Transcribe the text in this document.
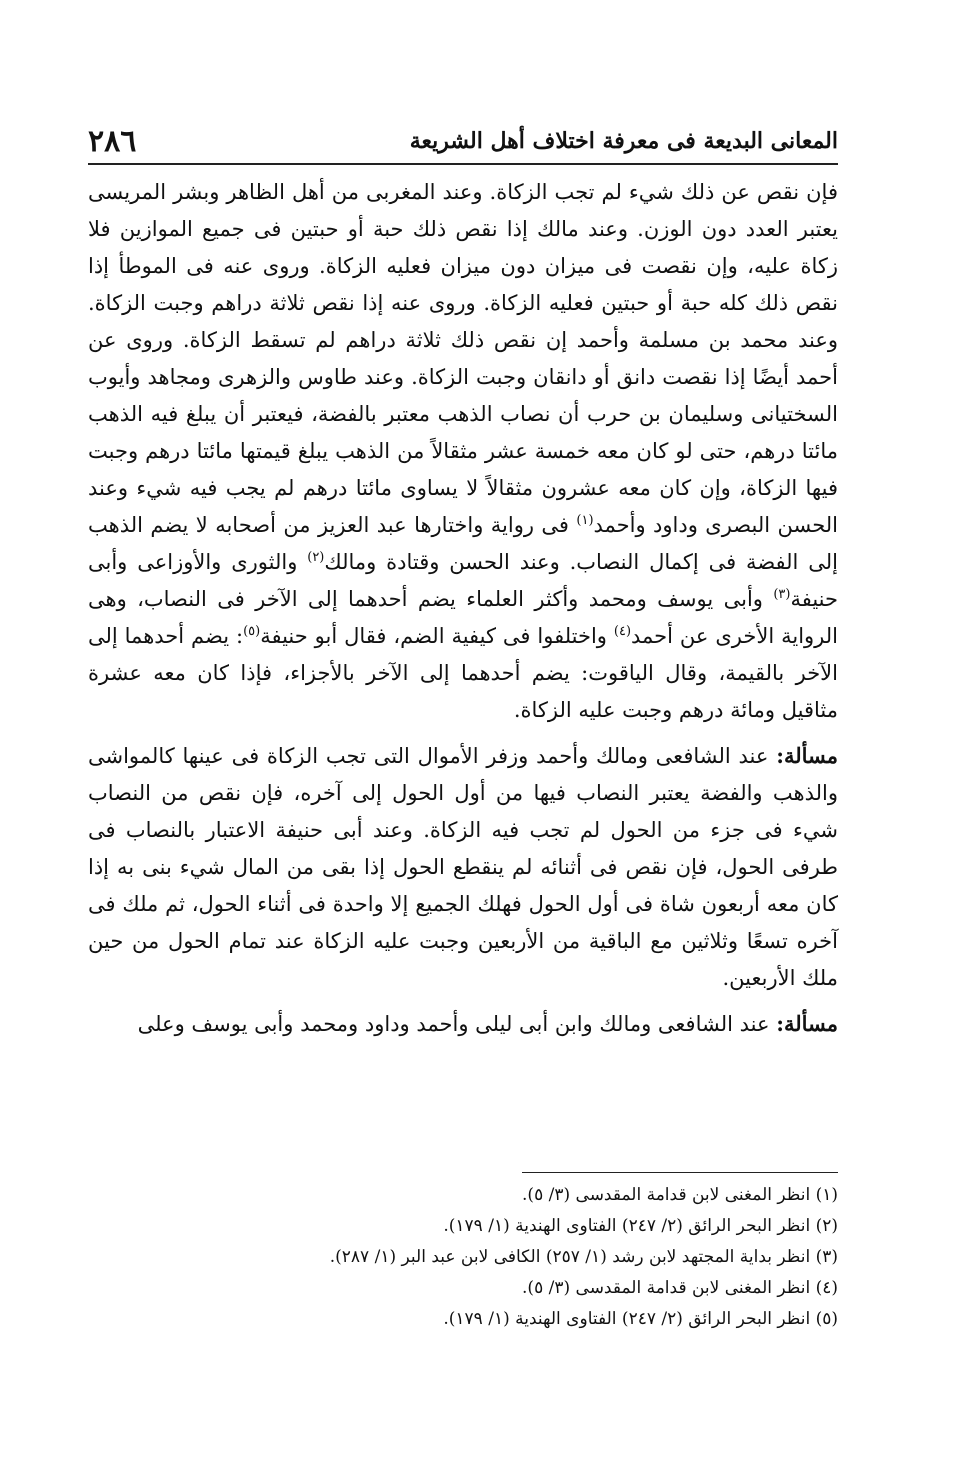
المعانى البديعة فى معرفة اختلاف أهل الشريعة
٢٨٦

فإن نقص عن ذلك شيء لم تجب الزكاة. وعند المغربى من أهل الظاهر وبشر المريسى يعتبر العدد دون الوزن. وعند مالك إذا نقص ذلك حبة أو حبتين فى جميع الموازين فلا زكاة عليه، وإن نقصت فى ميزان دون ميزان فعليه الزكاة. وروى عنه فى الموطأ إذا نقص ذلك كله حبة أو حبتين فعليه الزكاة. وروى عنه إذا نقص ثلاثة دراهم وجبت الزكاة. وعند محمد بن مسلمة وأحمد إن نقص ذلك ثلاثة دراهم لم تسقط الزكاة. وروى عن أحمد أيضًا إذا نقصت دانق أو دانقان وجبت الزكاة. وعند طاوس والزهرى ومجاهد وأيوب السختيانى وسليمان بن حرب أن نصاب الذهب معتبر بالفضة، فيعتبر أن يبلغ فيه الذهب مائتا درهم، حتى لو كان معه خمسة عشر مثقالاً من الذهب يبلغ قيمتها مائتا درهم وجبت فيها الزكاة، وإن كان معه عشرون مثقالاً لا يساوى مائتا درهم لم يجب فيه شيء وعند الحسن البصرى وداود وأحمد$^{(١)}$ فى رواية واختارها عبد العزيز من أصحابه لا يضم الذهب إلى الفضة فى إكمال النصاب. وعند الحسن وقتادة ومالك$^{(٢)}$ والثورى والأوزاعى وأبى حنيفة$^{(٣)}$ وأبى يوسف ومحمد وأكثر العلماء يضم أحدهما إلى الآخر فى النصاب، وهى الرواية الأخرى عن أحمد$^{(٤)}$ واختلفوا فى كيفية الضم، فقال أبو حنيفة$^{(٥)}$: يضم أحدهما إلى الآخر بالقيمة، وقال الياقوت: يضم أحدهما إلى الآخر بالأجزاء، فإذا كان معه عشرة مثاقيل ومائة درهم وجبت عليه الزكاة.

مسألة: عند الشافعى ومالك وأحمد وزفر الأموال التى تجب الزكاة فى عينها كالمواشى والذهب والفضة يعتبر النصاب فيها من أول الحول إلى آخره، فإن نقص من النصاب شيء فى جزء من الحول لم تجب فيه الزكاة. وعند أبى حنيفة الاعتبار بالنصاب فى طرفى الحول، فإن نقص فى أثنائه لم ينقطع الحول إذا بقى من المال شيء بنى به إذا كان معه أربعون شاة فى أول الحول فهلك الجميع إلا واحدة فى أثناء الحول، ثم ملك فى آخره تسعًا وثلاثين مع الباقية من الأربعين وجبت عليه الزكاة عند تمام الحول من حين ملك الأربعين.

مسألة: عند الشافعى ومالك وابن أبى ليلى وأحمد وداود ومحمد وأبى يوسف وعلى

(١) انظر المغنى لابن قدامة المقدسى (٣/ ٥).
(٢) انظر البحر الرائق (٢/ ٢٤٧) الفتاوى الهندية (١/ ١٧٩).
(٣) انظر بداية المجتهد لابن رشد (١/ ٢٥٧) الكافى لابن عبد البر (١/ ٢٨٧).
(٤) انظر المغنى لابن قدامة المقدسى (٣/ ٥).
(٥) انظر البحر الرائق (٢/ ٢٤٧) الفتاوى الهندية (١/ ١٧٩).
